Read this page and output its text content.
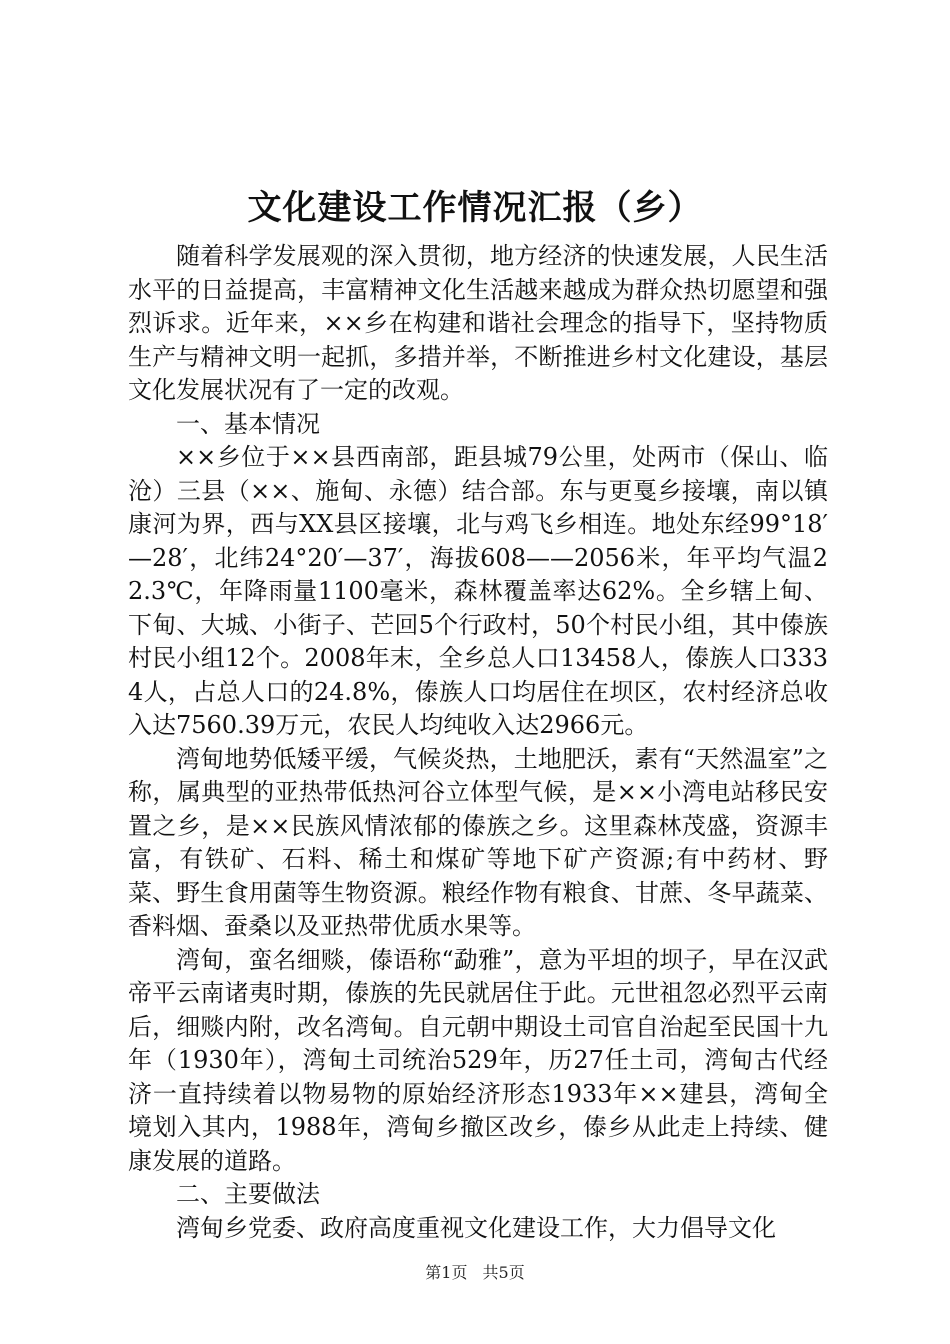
文化建设工作情况汇报（乡）

随着科学发展观的深入贯彻，地方经济的快速发展，人民生活水平的日益提高，丰富精神文化生活越来越成为群众热切愿望和强烈诉求。近年来，××乡在构建和谐社会理念的指导下，坚持物质生产与精神文明一起抓，多措并举，不断推进乡村文化建设，基层文化发展状况有了一定的改观。

一、基本情况

××乡位于××县西南部，距县城79公里，处两市（保山、临沧）三县（××、施甸、永德）结合部。东与更戛乡接壤，南以镇康河为界，西与XX县区接壤，北与鸡飞乡相连。地处东经99°18′—28′，北纬24°20′—37′，海拔608——2056米，年平均气温22.3℃，年降雨量1100毫米，森林覆盖率达62%。全乡辖上甸、下甸、大城、小街子、芒回5个行政村，50个村民小组，其中傣族村民小组12个。2008年末，全乡总人口13458人，傣族人口3334人，占总人口的24.8%，傣族人口均居住在坝区，农村经济总收入达7560.39万元，农民人均纯收入达2966元。

湾甸地势低矮平缓，气候炎热，土地肥沃，素有“天然温室”之称，属典型的亚热带低热河谷立体型气候，是××小湾电站移民安置之乡，是××民族风情浓郁的傣族之乡。这里森林茂盛，资源丰富，有铁矿、石料、稀土和煤矿等地下矿产资源;有中药材、野菜、野生食用菌等生物资源。粮经作物有粮食、甘蔗、冬早蔬菜、香料烟、蚕桑以及亚热带优质水果等。

湾甸，蛮名细赕，傣语称“勐雅”，意为平坦的坝子，早在汉武帝平云南诸夷时期，傣族的先民就居住于此。元世祖忽必烈平云南后，细赕内附，改名湾甸。自元朝中期设土司官自治起至民国十九年（1930年），湾甸土司统治529年，历27任土司，湾甸古代经济一直持续着以物易物的原始经济形态1933年××建县，湾甸全境划入其内，1988年，湾甸乡撤区改乡，傣乡从此走上持续、健康发展的道路。

二、主要做法

湾甸乡党委、政府高度重视文化建设工作，大力倡导文化

第1页 共5页
